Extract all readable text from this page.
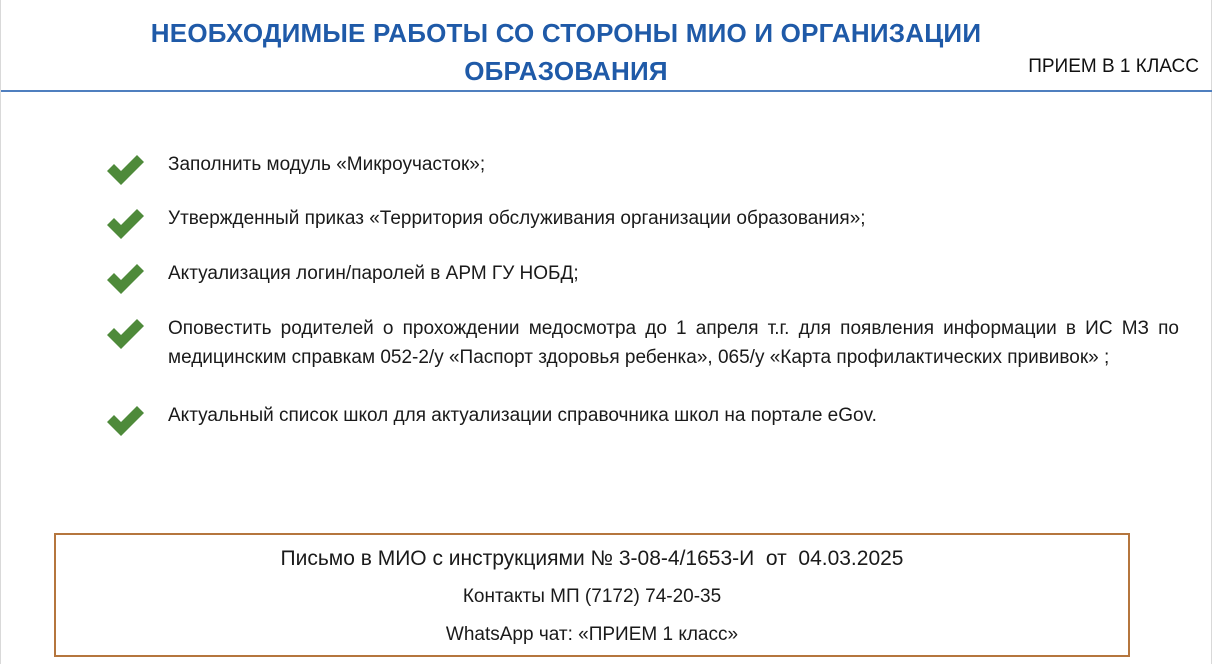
НЕОБХОДИМЫЕ РАБОТЫ СО СТОРОНЫ МИО И ОРГАНИЗАЦИИ
ОБРАЗОВАНИЯ	ПРИЕМ В 1 КЛАСС
Заполнить модуль «Микроучасток»;
Утвержденный приказ «Территория обслуживания организации образования»;
Актуализация логин/паролей в АРМ ГУ НОБД;
Оповестить родителей о прохождении медосмотра до 1 апреля т.г. для появления информации в ИС МЗ по медицинским справкам 052-2/у «Паспорт здоровья ребенка», 065/у «Карта профилактических прививок» ;
Актуальный список школ для актуализации справочника школ на портале eGov.
Письмо в МИО с инструкциями № 3-08-4/1653-И  от  04.03.2025
Контакты МП (7172) 74-20-35
WhatsApp чат: «ПРИЕМ 1 класс»
